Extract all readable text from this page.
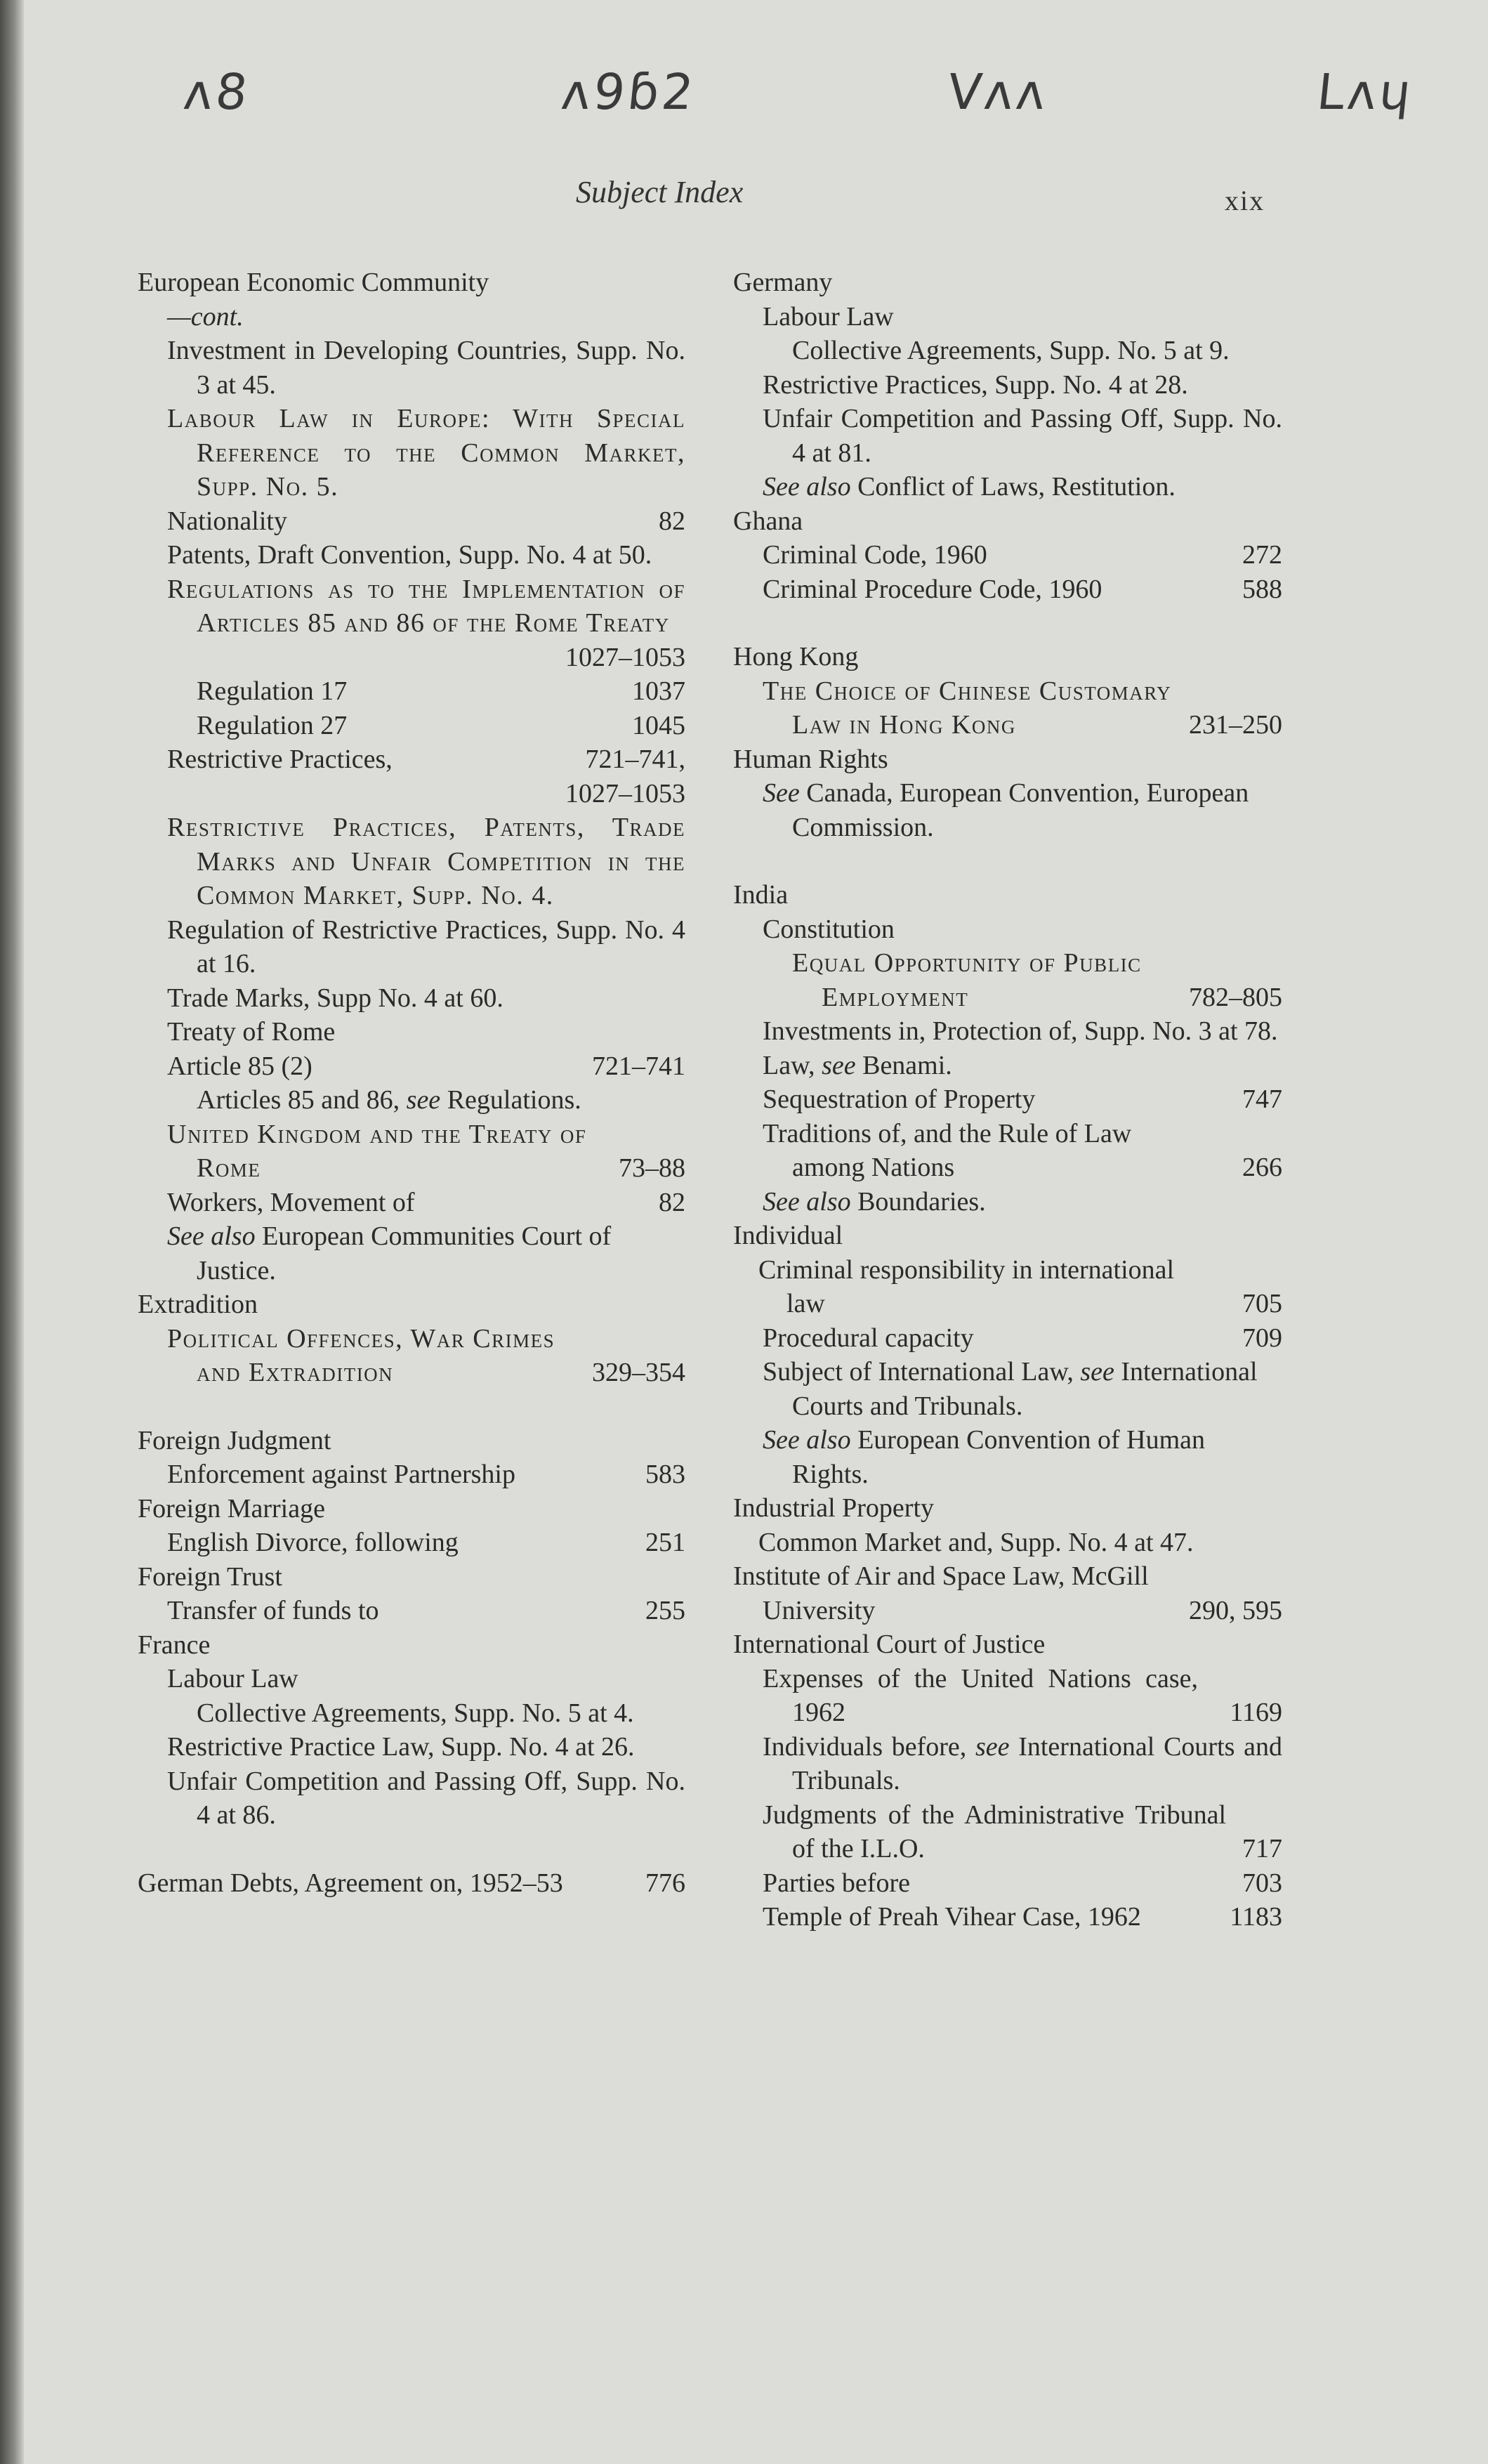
ʌ8	ʌ9ɓ2	ᐯʌʌ	Lʌɥ
Subject Index	xix
European Economic Community
—cont.
Investment in Developing Countries, Supp. No. 3 at 45.
Labour Law in Europe: With Special Reference to the Common Market, Supp. No. 5.
Nationality	82
Patents, Draft Convention, Supp. No. 4 at 50.
Regulations as to the Implementation of Articles 85 and 86 of the Rome Treaty
1027–1053
Regulation 17	1037
Regulation 27	1045
Restrictive Practices,	721–741,
1027–1053
Restrictive Practices, Patents, Trade Marks and Unfair Competition in the Common Market, Supp. No. 4.
Regulation of Restrictive Practices, Supp. No. 4 at 16.
Trade Marks, Supp No. 4 at 60.
Treaty of Rome
Article 85 (2)	721–741
Articles 85 and 86, see Regulations.
United Kingdom and the Treaty of Rome	73–88
Workers, Movement of	82
See also European Communities Court of Justice.
Extradition
Political Offences, War Crimes and Extradition	329–354
Foreign Judgment
Enforcement against Partnership	583
Foreign Marriage
English Divorce, following	251
Foreign Trust
Transfer of funds to	255
France
Labour Law
Collective Agreements, Supp. No. 5 at 4.
Restrictive Practice Law, Supp. No. 4 at 26.
Unfair Competition and Passing Off, Supp. No. 4 at 86.
German Debts, Agreement on, 1952–53	776
Germany
Labour Law
Collective Agreements, Supp. No. 5 at 9.
Restrictive Practices, Supp. No. 4 at 28.
Unfair Competition and Passing Off, Supp. No. 4 at 81.
See also Conflict of Laws, Restitution.
Ghana
Criminal Code, 1960	272
Criminal Procedure Code, 1960	588
Hong Kong
The Choice of Chinese Customary Law in Hong Kong	231–250
Human Rights
See Canada, European Convention, European Commission.
India
Constitution
Equal Opportunity of Public Employment	782–805
Investments in, Protection of, Supp. No. 3 at 78.
Law, see Benami.
Sequestration of Property	747
Traditions of, and the Rule of Law among Nations	266
See also Boundaries.
Individual
Criminal responsibility in international law	705
Procedural capacity	709
Subject of International Law, see International Courts and Tribunals.
See also European Convention of Human Rights.
Industrial Property
Common Market and, Supp. No. 4 at 47.
Institute of Air and Space Law, McGill University	290, 595
International Court of Justice
Expenses of the United Nations case, 1962	1169
Individuals before, see International Courts and Tribunals.
Judgments of the Administrative Tribunal of the I.L.O.	717
Parties before	703
Temple of Preah Vihear Case, 1962	1183
